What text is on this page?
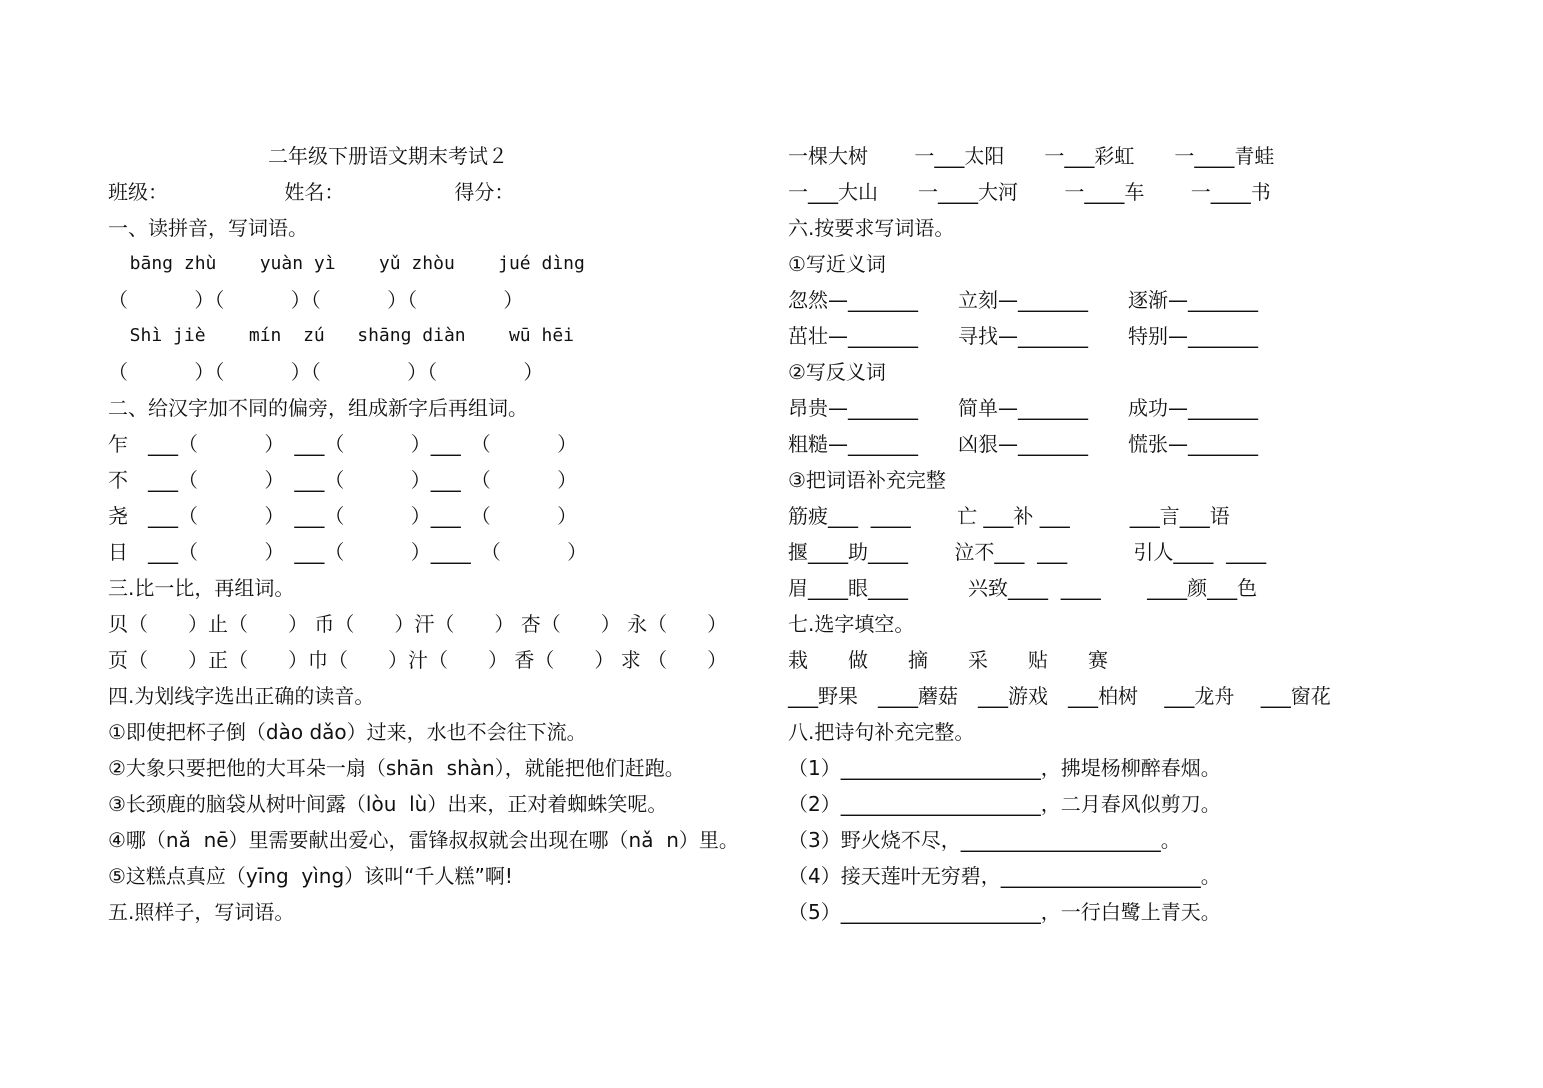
　　　　　　　　二年级下册语文期末考试２
班级：　　　　　　 姓名：　　　　　　得分：
一、读拼音，写词语。
bāng zhù    yuàn yì    yǔ zhòu    jué dìng
（　　　 ）（　　　 ）（　　　 ）（　　　　 ）
Shì jiè    mín  zú   shāng diàn    wū hēi
（　　　 ）（　　　 ）（　　　　 ）（　　　　 ）
二、给汉字加不同的偏旁，组成新字后再组词。
乍　___（　　　 ）　___（　　　 ）___　（　　　 ）
不　___（　　　 ）　___（　　　 ）___　（　　　 ）
尧　___（　　　 ）　___（　　　 ）___　（　　　 ）
日　___（　　　 ）　___（　　　 ）____　（　　　 ）
三.比一比，再组词。
贝（　　）止（　　） 币（　　）汗（　　） 杏（　　） 永（　　）
页（　　）正（　　）巾（　　）汁（　　） 香（　　） 求 （　　）
四.为划线字选出正确的读音。
①即使把杯子倒（dào dǎo）过来，水也不会往下流。
②大象只要把他的大耳朵一扇（shān  shàn），就能把他们赶跑。
③长颈鹿的脑袋从树叶间露（lòu  lù）出来，正对着蜘蛛笑呢。
④哪（nǎ  nē）里需要献出爱心，雷锋叔叔就会出现在哪（nǎ  n）里。
⑤这糕点真应（yīng  yìng）该叫“千人糕”啊!
五.照样子，写词语。
一棵大树　　 一___太阳　　一___彩虹　　一____青蛙
一___大山　　一____大河　　 一____车　　 一____书
六.按要求写词语。
①写近义词
忽然—_______　　立刻—_______　　逐渐—_______
茁壮—_______　　寻找—_______　　特别—_______
②写反义词
昂贵—_______　　简单—_______　　成功—_______
粗糙—_______　　凶狠—_______　　慌张—_______
③把词语补充完整
筋疲___  ____　　 亡 ___补 ___　　　___言___语
揠____助____　　 泣不___  ___　　　 引人____  ____
眉____眼____　　　兴致____  ____　　 ____颜___色
七.选字填空。
栽　　做　　摘　　采　　贴　　赛
___野果　____蘑菇　___游戏　___柏树　 ___龙舟　 ___窗花
八.把诗句补充完整。
（1）____________________，拂堤杨柳醉春烟。
（2）____________________，二月春风似剪刀。
（3）野火烧不尽，____________________。
（4）接天莲叶无穷碧，____________________。
（5）____________________，一行白鹭上青天。
